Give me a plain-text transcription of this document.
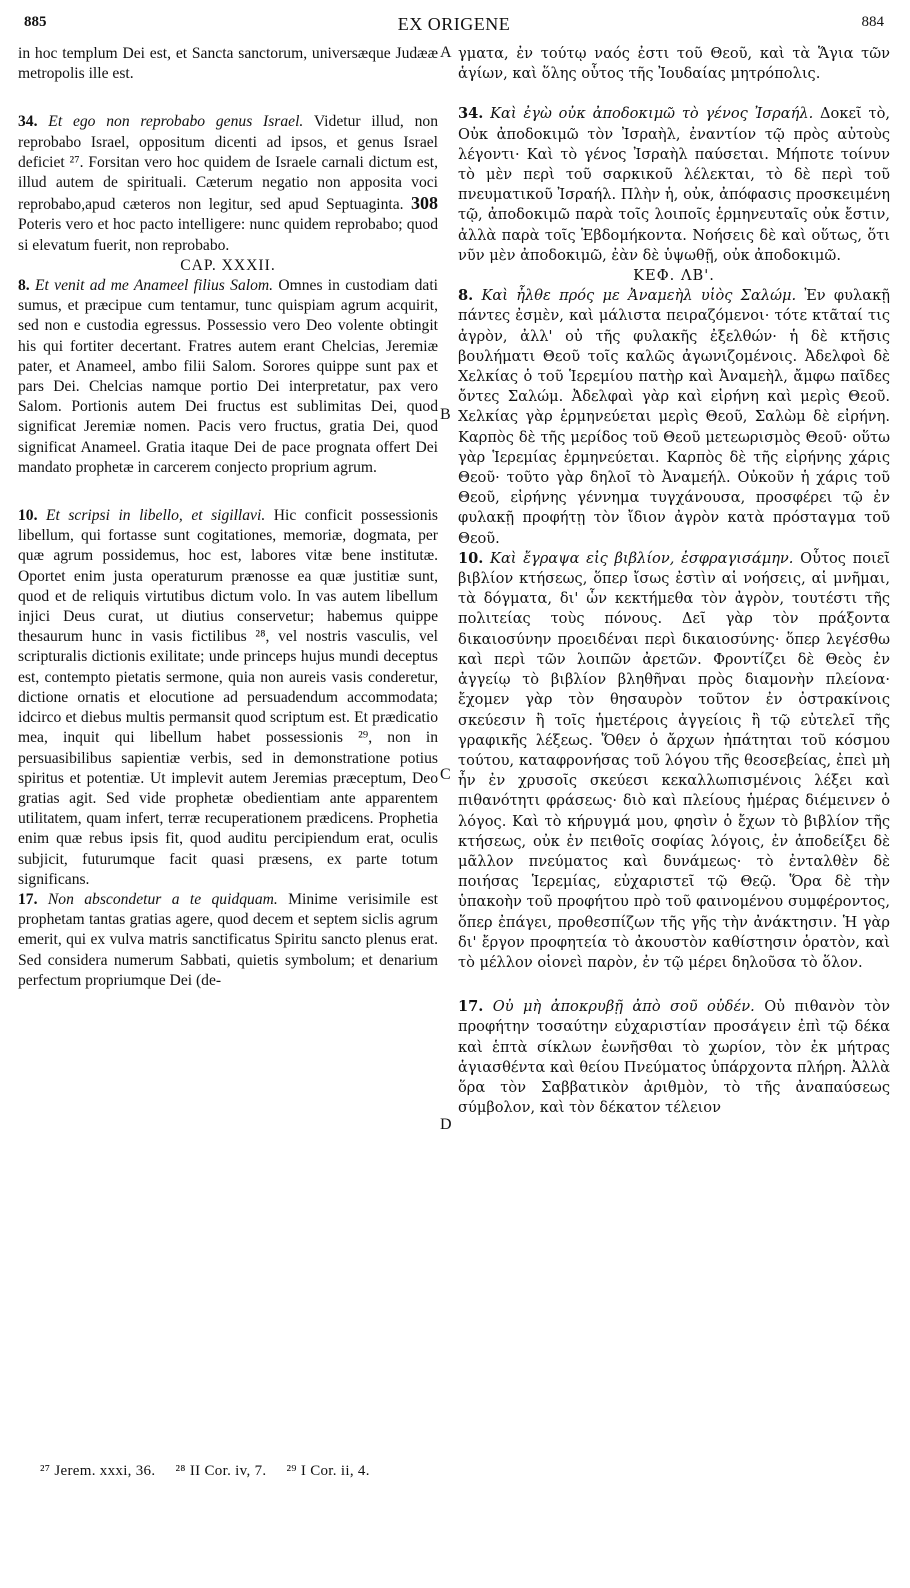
885	EX ORIGENE	884

in hoc templum Dei est, et Sancta sanctorum, universæque Judææ metropolis ille est.

34. Et ego non reprobabo genus Israel. Videtur illud, non reprobabo Israel, oppositum dicenti ad ipsos, et genus Israel deficiet ²⁷. Forsitan vero hoc quidem de Israele carnali dictum est, illud autem de spirituali. Cæterum negatio non apposita voci reprobabo,apud cæteros non legitur, sed apud Septuaginta. 308 Poteris vero et hoc pacto intelligere: nunc quidem reprobabo; quod si elevatum fuerit, non reprobabo.

CAP. XXXII.

8. Et venit ad me Anameel filius Salom. Omnes in custodiam dati sumus, et præcipue cum tentamur, tunc quispiam agrum acquirit, sed non e custodia egressus. Possessio vero Deo volente obtingit his qui fortiter decertant. Fratres autem erant Chelcias, Jeremiæ pater, et Anameel, ambo filii Salom. Sorores quippe sunt pax et pars Dei. Chelcias namque portio Dei interpretatur, pax vero Salom. Portionis autem Dei fructus est sublimitas Dei, quod significat Jeremiæ nomen. Pacis vero fructus, gratia Dei, quod significat Anameel. Gratia itaque Dei de pace prognata offert Dei mandato prophetæ in carcerem conjecto proprium agrum.

10. Et scripsi in libello, et sigillavi. Hic conficit possessionis libellum, qui fortasse sunt cogitationes, memoriæ, dogmata, per quæ agrum possidemus, hoc est, labores vitæ bene institutæ. Oportet enim justa operaturum prænosse ea quæ justitiæ sunt, quod et de reliquis virtutibus dictum volo. In vas autem libellum injici Deus curat, ut diutius conservetur; habemus quippe thesaurum hunc in vasis fictilibus ²⁸, vel nostris vasculis, vel scripturalis dictionis exilitate; unde princeps hujus mundi deceptus est, contempto pietatis sermone, quia non aureis vasis conderetur, dictione ornatis et elocutione ad persuadendum accommodata; idcirco et diebus multis permansit quod scriptum est. Et prædicatio mea, inquit qui libellum habet possessionis ²⁹, non in persuasibilibus sapientiæ verbis, sed in demonstratione potius spiritus et potentiæ. Ut implevit autem Jeremias præceptum, Deo gratias agit. Sed vide prophetæ obedientiam ante apparentem utilitatem, quam infert, terræ recuperationem prædicens. Prophetia enim quæ rebus ipsis fit, quod auditu percipiendum erat, oculis subjicit, futurumque facit quasi præsens, ex parte totum significans.

17. Non abscondetur a te quidquam. Minime verisimile est prophetam tantas gratias agere, quod decem et septem siclis agrum emerit, qui ex vulva matris sanctificatus Spiritu sancto plenus erat. Sed considera numerum Sabbati, quietis symbolum; et denarium perfectum propriumque Dei (de-

A
B
C
D

γματα, ἐν τούτῳ ναός ἐστι τοῦ Θεοῦ, καὶ τὰ Ἅγια τῶν ἁγίων, καὶ ὅλης οὗτος τῆς Ἰουδαίας μητρόπολις.

34. Καὶ ἐγὼ οὐκ ἀποδοκιμῶ τὸ γένος Ἰσραήλ. Δοκεῖ τὸ, Οὐκ ἀποδοκιμῶ τὸν Ἰσραὴλ, ἐναντίον τῷ πρὸς αὐτοὺς λέγοντι· Καὶ τὸ γένος Ἰσραὴλ παύσεται. Μήποτε τοίνυν τὸ μὲν περὶ τοῦ σαρκικοῦ λέλεκται, τὸ δὲ περὶ τοῦ πνευματικοῦ Ἰσραήλ. Πλὴν ἡ, οὐκ, ἀπόφασις προσκειμένη τῷ, ἀποδοκιμῶ παρὰ τοῖς λοιποῖς ἑρμηνευταῖς οὐκ ἔστιν, ἀλλὰ παρὰ τοῖς Ἑβδομήκοντα. Νοήσεις δὲ καὶ οὕτως, ὅτι νῦν μὲν ἀποδοκιμῶ, ἐὰν δὲ ὑψωθῇ, οὐκ ἀποδοκιμῶ.

ΚΕΦ. ΛΒ'.

8. Καὶ ἦλθε πρός με Ἀναμεὴλ υἱὸς Σαλώμ. Ἐν φυλακῇ πάντες ἐσμὲν, καὶ μάλιστα πειραζόμενοι· τότε κτᾶταί τις ἀγρὸν, ἀλλ' οὐ τῆς φυλακῆς ἐξελθών· ἡ δὲ κτῆσις βουλήματι Θεοῦ τοῖς καλῶς ἀγωνιζομένοις. Ἀδελφοὶ δὲ Χελκίας ὁ τοῦ Ἱερεμίου πατὴρ καὶ Ἀναμεὴλ, ἄμφω παῖδες ὄντες Σαλώμ. Ἀδελφαὶ γὰρ καὶ εἰρήνη καὶ μερὶς Θεοῦ. Χελκίας γὰρ ἑρμηνεύεται μερὶς Θεοῦ, Σαλὼμ δὲ εἰρήνη. Καρπὸς δὲ τῆς μερίδος τοῦ Θεοῦ μετεωρισμὸς Θεοῦ· οὕτω γὰρ Ἱερεμίας ἑρμηνεύεται. Καρπὸς δὲ τῆς εἰρήνης χάρις Θεοῦ· τοῦτο γὰρ δηλοῖ τὸ Ἀναμεήλ. Οὐκοῦν ἡ χάρις τοῦ Θεοῦ, εἰρήνης γέννημα τυγχάνουσα, προσφέρει τῷ ἐν φυλακῇ προφήτῃ τὸν ἴδιον ἀγρὸν κατὰ πρόσταγμα τοῦ Θεοῦ.

10. Καὶ ἔγραψα εἰς βιβλίον, ἐσφραγισάμην. Οὗτος ποιεῖ βιβλίον κτήσεως, ὅπερ ἴσως ἐστὶν αἱ νοήσεις, αἱ μνῆμαι, τὰ δόγματα, δι' ὧν κεκτήμεθα τὸν ἀγρὸν, τουτέστι τῆς πολιτείας τοὺς πόνους. Δεῖ γὰρ τὸν πράξοντα δικαιοσύνην προειδέναι περὶ δικαιοσύνης· ὅπερ λεγέσθω καὶ περὶ τῶν λοιπῶν ἀρετῶν. Φροντίζει δὲ Θεὸς ἐν ἀγγείῳ τὸ βιβλίον βληθῆναι πρὸς διαμονὴν πλείονα· ἔχομεν γὰρ τὸν θησαυρὸν τοῦτον ἐν ὀστρακίνοις σκεύεσιν ἢ τοῖς ἡμετέροις ἀγγείοις ἢ τῷ εὐτελεῖ τῆς γραφικῆς λέξεως. Ὅθεν ὁ ἄρχων ἠπάτηται τοῦ κόσμου τούτου, καταφρονήσας τοῦ λόγου τῆς θεοσεβείας, ἐπεὶ μὴ ἦν ἐν χρυσοῖς σκεύεσι κεκαλλωπισμένοις λέξει καὶ πιθανότητι φράσεως· διὸ καὶ πλείους ἡμέρας διέμεινεν ὁ λόγος. Καὶ τὸ κήρυγμά μου, φησὶν ὁ ἔχων τὸ βιβλίον τῆς κτήσεως, οὐκ ἐν πειθοῖς σοφίας λόγοις, ἐν ἀποδείξει δὲ μᾶλλον πνεύματος καὶ δυνάμεως· τὸ ἐνταλθὲν δὲ ποιήσας Ἱερεμίας, εὐχαριστεῖ τῷ Θεῷ. Ὅρα δὲ τὴν ὑπακοὴν τοῦ προφήτου πρὸ τοῦ φαινομένου συμφέροντος, ὅπερ ἐπάγει, προθεσπίζων τῆς γῆς τὴν ἀνάκτησιν. Ἡ γὰρ δι' ἔργον προφητεία τὸ ἀκουστὸν καθίστησιν ὁρατὸν, καὶ τὸ μέλλον οἱονεὶ παρὸν, ἐν τῷ μέρει δηλοῦσα τὸ ὅλον.

17. Οὐ μὴ ἀποκρυβῇ ἀπὸ σοῦ οὐδέν. Οὐ πιθανὸν τὸν προφήτην τοσαύτην εὐχαριστίαν προσάγειν ἐπὶ τῷ δέκα καὶ ἑπτὰ σίκλων ἐωνῆσθαι τὸ χωρίον, τὸν ἐκ μήτρας ἁγιασθέντα καὶ θείου Πνεύματος ὑπάρχοντα πλήρη. Ἀλλὰ ὅρα τὸν Σαββατικὸν ἀριθμὸν, τὸ τῆς ἀναπαύσεως σύμβολον, καὶ τὸν δέκατον τέλειον

²⁷ Jerem. xxxi, 36. ²⁸ II Cor. iv, 7. ²⁹ I Cor. ii, 4.
